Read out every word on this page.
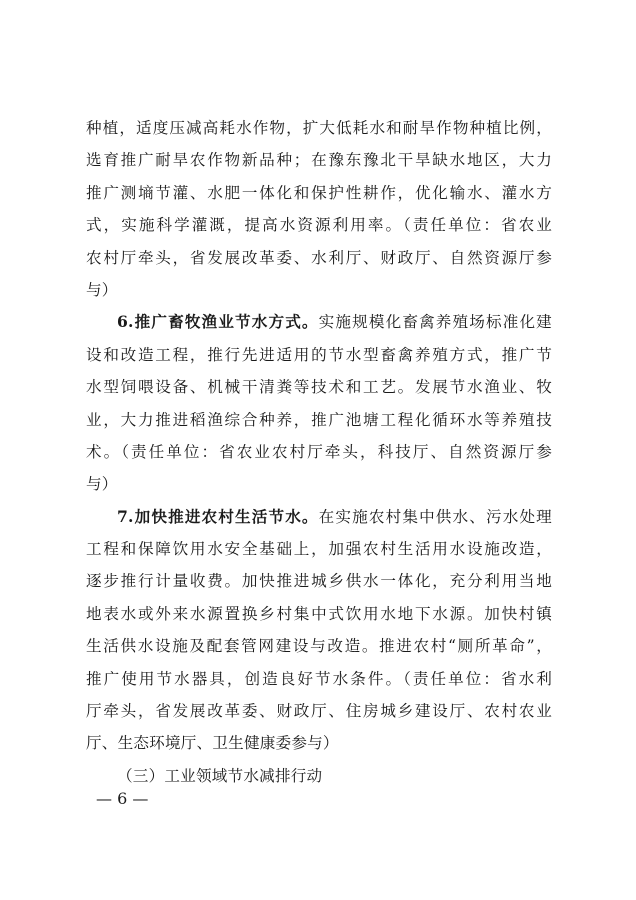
种植，适度压减高耗水作物，扩大低耗水和耐旱作物种植比例，
选育推广耐旱农作物新品种；在豫东豫北干旱缺水地区，大力
推广测墒节灌、水肥一体化和保护性耕作，优化输水、灌水方
式，实施科学灌溉，提高水资源利用率。（责任单位：省农业
农村厅牵头，省发展改革委、水利厅、财政厅、自然资源厅参
与）
6.推广畜牧渔业节水方式。实施规模化畜禽养殖场标准化建
设和改造工程，推行先进适用的节水型畜禽养殖方式，推广节
水型饲喂设备、机械干清粪等技术和工艺。发展节水渔业、牧
业，大力推进稻渔综合种养，推广池塘工程化循环水等养殖技
术。（责任单位：省农业农村厅牵头，科技厅、自然资源厅参
与）
7.加快推进农村生活节水。在实施农村集中供水、污水处理
工程和保障饮用水安全基础上，加强农村生活用水设施改造，
逐步推行计量收费。加快推进城乡供水一体化，充分利用当地
地表水或外来水源置换乡村集中式饮用水地下水源。加快村镇
生活供水设施及配套管网建设与改造。推进农村“厕所革命”，
推广使用节水器具，创造良好节水条件。（责任单位：省水利
厅牵头，省发展改革委、财政厅、住房城乡建设厅、农村农业
厅、生态环境厅、卫生健康委参与）
（三）工业领域节水减排行动
— 6 —
